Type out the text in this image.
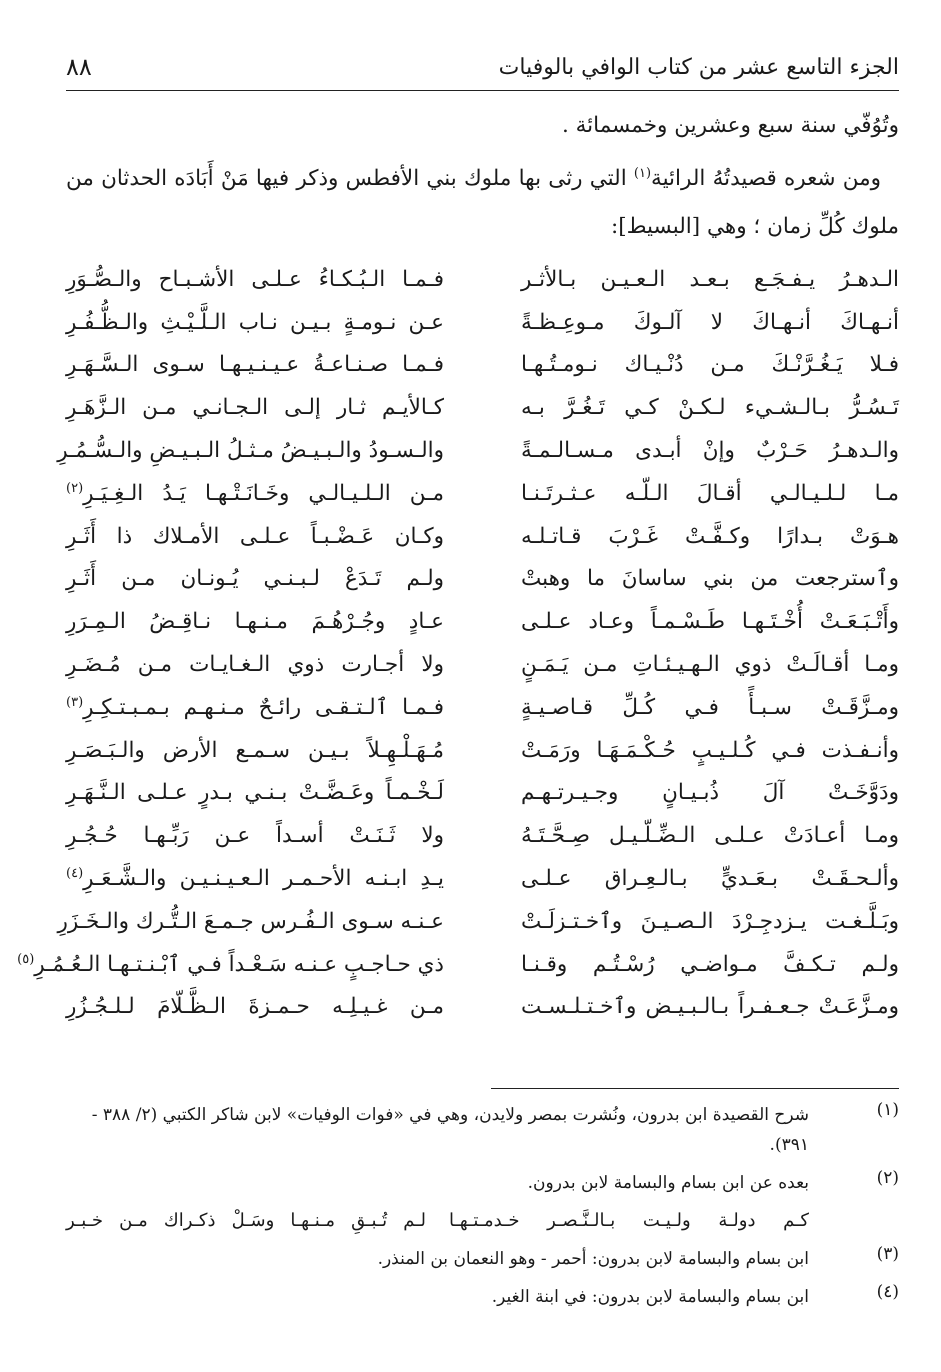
الجزء التاسع عشر من كتاب الوافي بالوفيات
٨٨

وتُوُفّي سنة سبع وعشرين وخمسمائة .

ومن شعره قصيدتُهُ الرائية$^{(١)}$ التي رثى بها ملوك بني الأفطس وذكر فيها مَنْ أَبَادَه الحدثان من ملوك كُلِّ زمان ؛ وهي [البسيط]:

الـدهـرُ يـفـجَـع بـعـد الـعـيـن بـالأثـر
فـمـا الـبُـكـاءُ عـلـى الأشـبـاح والـصُّـوَرِ
أنـهـاكَ أنـهـاكَ لا آلـوكَ مـوعِـظـةً
عـن نـومـةٍ بـيـن نـاب الـلَّـيْـثِ والـظُّـفُـرِ
فـلا يَـغُـرَّنْـكَ مـن دُنْـيـاك نـومـتُـهـا
فـمـا صـنـاعـةُ عـيـنـيـهـا سـوى الـسَّـهَـرِ
تَـسُـرُّ بـالـشـيء لـكـنْ كـي تَـغُـرَّ بـه
كـالأيـم ثـار إلـى الـجـانـي مـن الـزَّهَـرِ
والـدهـرُ حَـرْبٌ وإنْ أبـدى مـسـالـمـةً
والـسـودُ والـبـيـضُ مـثـلُ الـبـيـضِ والـسُّـمُـرِ
مـا لـلـيـالـي أقـالَ الـلّـه عـثـرتَـنـا
مـن الـلـيـالـي وخَـانَـتْـهـا يَـدُ الـغِـيَـرِ$^{(٢)}$
هـوَتْ بـدارًا وكـفَّـتْ غَـرْبَ قـاتـلـه
وكـان عَـضْـبـاً عـلـى الأمـلاك ذا أَثَـرِ
وٱسترجعت من بني ساسانَ ما وهبتْ
ولـم تَـدَعْ لـبـنـي يُـونـان مـن أَثَـرِ
وأَتْـبَـعَـتْ أُخْـتَـهـا طَـسْـمـاً وعـاد عـلـى
عـادٍ وجُـرْهُـمَ مـنـهـا نـاقِـضُ الـمِـرَرِ
ومـا أقـالَـتْ ذوي الـهـيـئـاتِ مـن يَـمَـنٍ
ولا أجـارت ذوي الـغـايـات مـن مُـضَـرِ
ومـزَّقَـتْ سـبـأً فـي كُـلِّ قـاصـيـةٍ
فـمـا ٱلـتـقـى رائـحٌ مـنـهـم بـمـبـتـكِـرِ$^{(٣)}$
وأنـفـذت فـي كُـلـيـبٍ حُـكْـمَـهَـا ورَمَـتْ
مُـهَـلْـهِـلاً بـيـن سـمـع الأرض والـبَـصَـرِ
ودَوَّخَـتْ آلَ ذُبـيـانٍ وجـيـرتـهـم
لَـخْـمـاً وعَـضَّـتْ بـنـي بـدرٍ عـلـى الـنَّـهَـرِ
ومـا أعـادَتْ عـلـى الـضِّـلّـيـل صِـحَّـتَـهُ
ولا ثَـنَـتْ أسـداً عـن رَبِّـهـا حُـجُـرِ
وألـحـقَـتْ بـعَـديٍّ بـالـعِـراق عـلـى
يـدِ ابـنـه الأحـمـر الـعـيـنـيـن والـشَّـعَـرِ$^{(٤)}$
وبَـلَّـغـت يـزدجِـرْدَ الـصـيـنَ وٱخـتـزلَـتْ
عـنـه سـوى الـفُـرس جـمـعَ الـتُّـرك والـخَـزَرِ
ولـم تـكـفَّ مـواضـي رُسْـتُـم وقـنـا
ذي حـاجـبٍ عـنـه سَـعْـداً فـي ٱبْـنـتـهـا الـعُـمُـرِ$^{(٥)}$
ومـزَّعَـتْ جـعـفـراً بـالـبـيـض وٱخـتـلـسـت
مـن غـيـلِـه حـمـزةَ الـظَّـلّامَ لـلـجُـزُرِ
(١)
شرح القصيدة ابن بدرون، ونُشرت بمصر ولايدن، وهي في «فوات الوفيات» لابن شاكر الكتبي (٢/ ٣٨٨ - ٣٩١).
(٢)
بعده عن ابن بسام والبسامة لابن بدرون.
كـم دولـة ولـيـت بـالـنَّـصـر خـدمـتـهـا
لـم تُـبـقِ مـنـهـا وسَـلْ ذكـراك مـن خـبـر
(٣)
ابن بسام والبسامة لابن بدرون: أحمر - وهو النعمان بن المنذر.
(٤)
ابن بسام والبسامة لابن بدرون: في ابنة الغير.
